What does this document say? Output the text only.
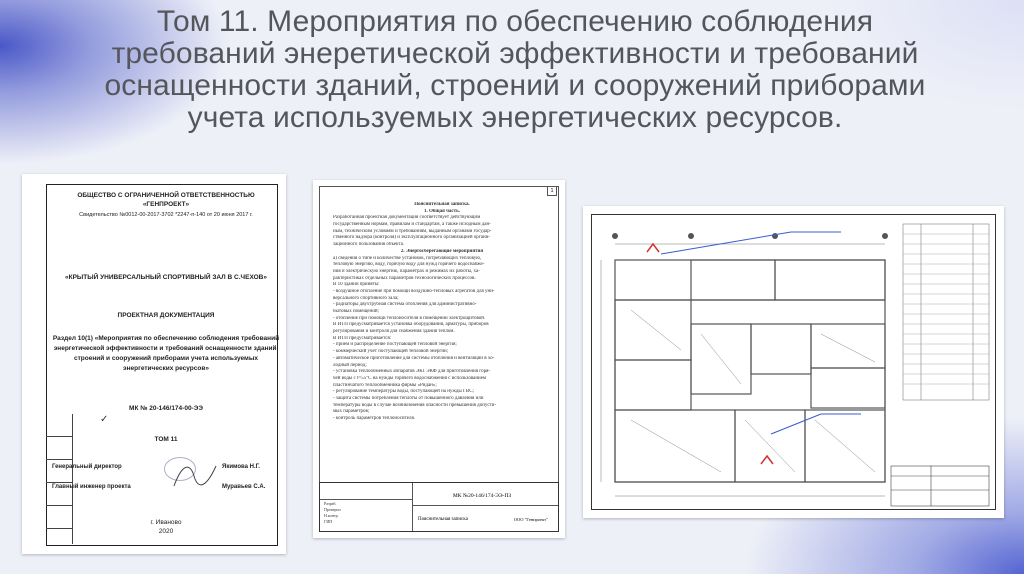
Том 11. Мероприятия по обеспечению соблюдения требований энеретической эффективности и требований оснащенности зданий, строений и сооружений приборами учета используемых энергетических ресурсов.
ОБЩЕСТВО С ОГРАНИЧЕННОЙ ОТВЕТСТВЕННОСТЬЮ
«ГЕНПРОЕКТ»
Свидетельство №0012-00-2017-3702 *2247-п-140 от 20 июня 2017 г.
«КРЫТЫЙ УНИВЕРСАЛЬНЫЙ СПОРТИВНЫЙ ЗАЛ В С.ЧЕХОВ»
ПРОЕКТНАЯ ДОКУМЕНТАЦИЯ
Раздел 10(1) «Мероприятия по обеспечению соблюдения требований
энергетической эффективности и требований оснащенности зданий,
строений и сооружений приборами учета используемых
энергетических ресурсов»
МК № 20-146/174-00-ЭЭ
ТОМ 11
✓
Генеральный директор	Якимова Н.Г.
Главный инженер проекта	Муравьев С.А.
г. Иваново
2020
1
Пояснительная записка.
1. Общая часть.
Разработанная проектная документация соответствует действующим
государственным нормам, правилам и стандартам, а также исходным дан-
ным, техническим условиям и требованиям, выданным органами государ-
ственного надзора (контроля) и эксплуатационного организацией органи-
зационного пользования объекта.
2. Энергосберегающие мероприятия
а) сведения о типе и количестве установок, потребляющих тепловую,
тепловую энергию, воду, горячую воду для нужд горячего водоснабже-
ния и электрическую энергию, параметрах и режимах их работы, ха-
рактеристиках отдельных параметров технологических процессов.
В 10 здании приняты:
- воздушное отопление при помощи воздушно-тепловых агрегатов для уни-
версального спортивного зала;
- радиаторы двухтрубная система отопления для административно-
бытовых помещений;
- отопление при помощи теплоносителя в помещении электрощитовой.
В ИТП предусматривается установка оборудования, арматуры, приборов
регулирования и контроля для снабжения здания теплом.
В ИТП предусматривается:
- прием и распределение поступающей тепловой энергии;
- коммерческий учет поступающей тепловой энергии;
- автоматическое приготовление для системы отопления и вентиляции в хо-
лодный период;
- установка теплообменных аппаратов ЭК1 ЭКФ для приготовления горя-
чей воды с t=55°C на нужды горячего водоснабжения с использованием
пластинчатого теплообменника фирмы «Ридан»;
- регулирование температуры воды, поступающей на нужды ГВС;
- защита системы потребления теплоты от повышенного давления или
температуры воды в случае возникновения опасности превышения допусти-
мых параметров;
- контроль параметров теплоносителя.
МК №20-146/174-ЭЭ-ПЗ
Пояснительная записка	ООО "Генпроект"
Разраб.
Проверил
Н.контр.
ГИП
